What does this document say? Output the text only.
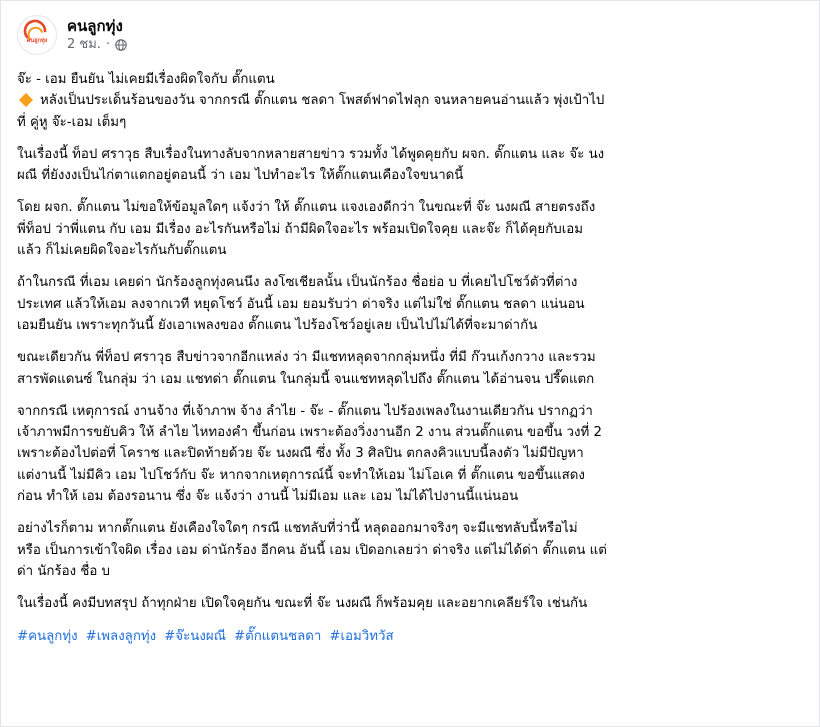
คนลูกทุ่ง
คนลูกทุ่ง
2 ชม. ·

จ๊ะ - เอม ยืนยัน ไม่เคยมีเรื่องผิดใจกับ ตั๊กแตน
หลังเป็นประเด็นร้อนของวัน จากกรณี ตั๊กแตน ชลดา โพสต์ฟาดไฟลุก จนหลายคนอ่านแล้ว พุ่งเป้าไป
ที่ คู่หู จ๊ะ-เอม เต็มๆ

ในเรื่องนี้ ท็อป ศราวุธ สืบเรื่องในทางลับจากหลายสายข่าว รวมทั้ง ได้พูดคุยกับ ผจก. ตั๊กแตน และ จ๊ะ นง
ผณี ที่ยังงงเป็นไก่ตาแตกอยู่ตอนนี้ ว่า เอม ไปทำอะไร ให้ตั๊กแตนเคืองใจขนาดนี้

โดย ผจก. ตั๊กแตน ไม่ขอให้ข้อมูลใดๆ แจ้งว่า ให้ ตั๊กแตน แจงเองดีกว่า ในขณะที่ จ๊ะ นงผณี สายตรงถึง
พี่ท็อป ว่าพี่แตน กับ เอม มีเรื่อง อะไรกันหรือไม่ ถ้ามีผิดใจอะไร พร้อมเปิดใจคุย และจ๊ะ ก็ได้คุยกับเอม
แล้ว ก็ไม่เคยผิดใจอะไรกันกับตั๊กแตน

ถ้าในกรณี ที่เอม เคยด่า นักร้องลูกทุ่งคนนึง ลงโซเชียลนั้น เป็นนักร้อง ชื่อย่อ บ ที่เคยไปโชว์ตัวที่ต่าง
ประเทศ แล้วให้เอม ลงจากเวที หยุดโชว์ อันนี้ เอม ยอมรับว่า ด่าจริง แต่ไม่ใช่ ตั๊กแตน ชลดา แน่นอน
เอมยืนยัน เพราะทุกวันนี้ ยังเอาเพลงของ ตั๊กแตน ไปร้องโชว์อยู่เลย เป็นไปไม่ได้ที่จะมาด่ากัน

ขณะเดียวกัน พี่ท็อป ศราวุธ สืบข่าวจากอีกแหล่ง ว่า มีแชทหลุดจากกลุ่มหนึ่ง ที่มี ก๊วนเก้งกวาง และรวม
สารพัดแดนซ์ ในกลุ่ม ว่า เอม แชทด่า ตั๊กแตน ในกลุ่มนี้ จนแชทหลุดไปถึง ตั๊กแตน ได้อ่านจน ปรี๊ดแตก

จากกรณี เหตุการณ์ งานจ้าง ที่เจ้าภาพ จ้าง ลำไย - จ๊ะ - ตั๊กแตน ไปร้องเพลงในงานเดียวกัน ปรากฏว่า
เจ้าภาพมีการขยับคิว ให้ ลำไย ไหทองคำ ขึ้นก่อน เพราะต้องวิ่งงานอีก 2 งาน ส่วนตั๊กแตน ขอขึ้น วงที่ 2
เพราะต้องไปต่อที่ โคราช และปิดท้ายด้วย จ๊ะ นงผณี ซึ่ง ทั้ง 3 ศิลปิน ตกลงคิวแบบนี้ลงตัว ไม่มีปัญหา
แต่งานนี้ ไม่มีคิว เอม ไปโชว์กับ จ๊ะ หากจากเหตุการณ์นี้ จะทำให้เอม ไม่โอเค ที่ ตั๊กแตน ขอขึ้นแสดง
ก่อน ทำให้ เอม ต้องรอนาน ซึ่ง จ๊ะ แจ้งว่า งานนี้ ไม่มีเอม และ เอม ไม่ได้ไปงานนี้แน่นอน

อย่างไรก็ตาม หากตั๊กแตน ยังเคืองใจใดๆ กรณี แชทลับที่ว่านี้ หลุดออกมาจริงๆ จะมีแชทลับนี้หรือไม่
หรือ เป็นการเข้าใจผิด เรื่อง เอม ด่านักร้อง อีกคน อันนี้ เอม เปิดอกเลยว่า ด่าจริง แต่ไม่ได้ด่า ตั๊กแตน แต่
ด่า นักร้อง ชื่อ บ

ในเรื่องนี้ คงมีบทสรุป ถ้าทุกฝ่าย เปิดใจคุยกัน ขณะที่ จ๊ะ นงผณี ก็พร้อมคุย และอยากเคลียร์ใจ เช่นกัน

#คนลูกทุ่ง #เพลงลูกทุ่ง #จ๊ะนงผณี #ตั๊กแตนชลดา #เอมวิทวัส
